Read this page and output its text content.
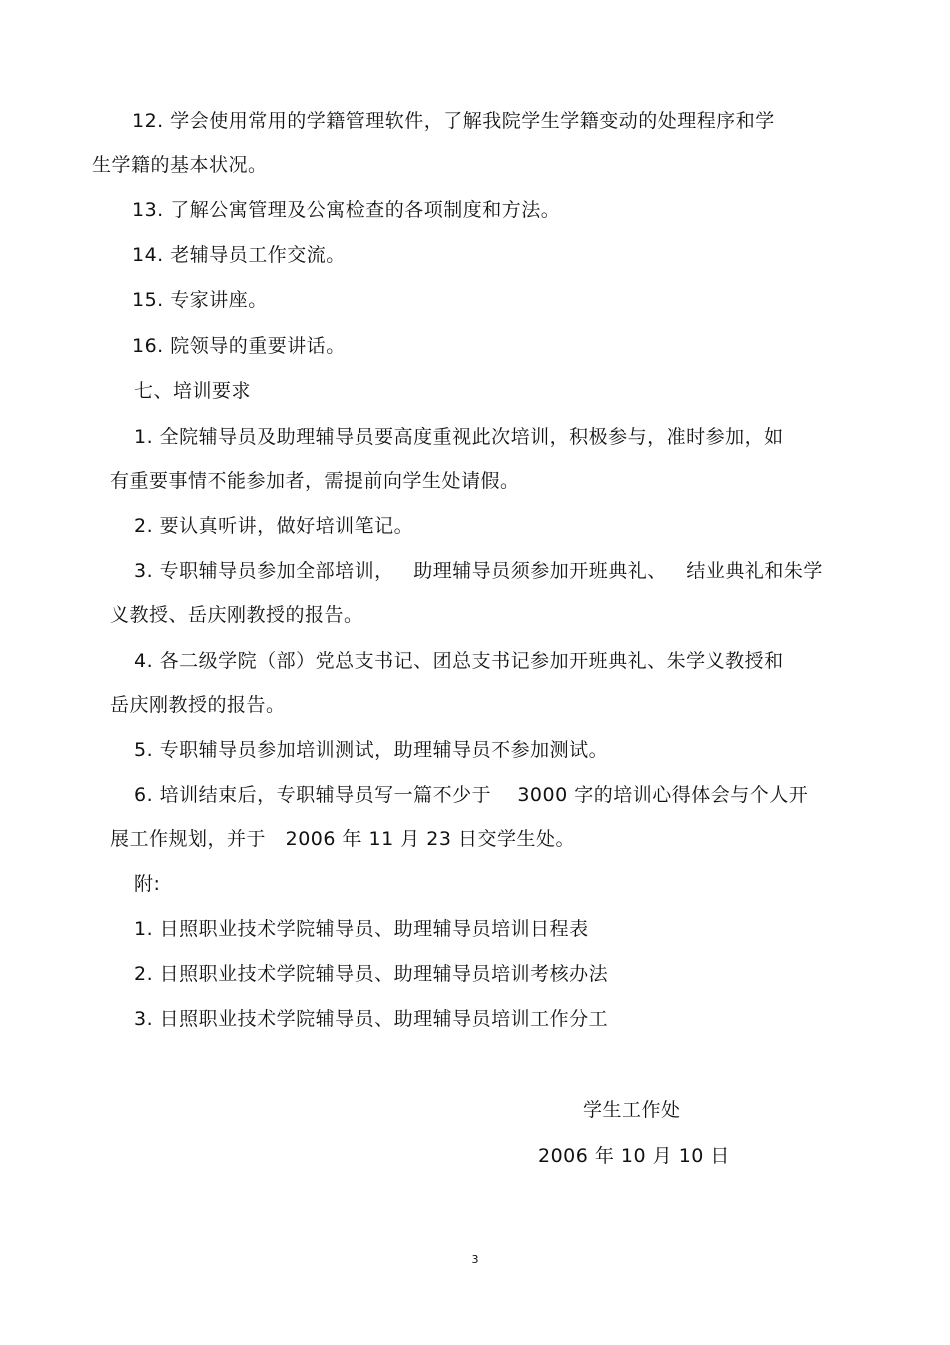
12. 学会使用常用的学籍管理软件，了解我院学生学籍变动的处理程序和学
生学籍的基本状况。
13. 了解公寓管理及公寓检查的各项制度和方法。
14. 老辅导员工作交流。
15. 专家讲座。
16. 院领导的重要讲话。
七、培训要求
1. 全院辅导员及助理辅导员要高度重视此次培训，积极参与，准时参加，如
有重要事情不能参加者，需提前向学生处请假。
2. 要认真听讲，做好培训笔记。
3. 专职辅导员参加全部培训，   助理辅导员须参加开班典礼、   结业典礼和朱学
义教授、岳庆刚教授的报告。
4. 各二级学院（部）党总支书记、团总支书记参加开班典礼、朱学义教授和
岳庆刚教授的报告。
5. 专职辅导员参加培训测试，助理辅导员不参加测试。
6. 培训结束后，专职辅导员写一篇不少于    3000 字的培训心得体会与个人开
展工作规划，并于   2006 年 11 月 23 日交学生处。
附:
1. 日照职业技术学院辅导员、助理辅导员培训日程表
2. 日照职业技术学院辅导员、助理辅导员培训考核办法
3. 日照职业技术学院辅导员、助理辅导员培训工作分工
学生工作处
2006 年 10 月 10 日
3
